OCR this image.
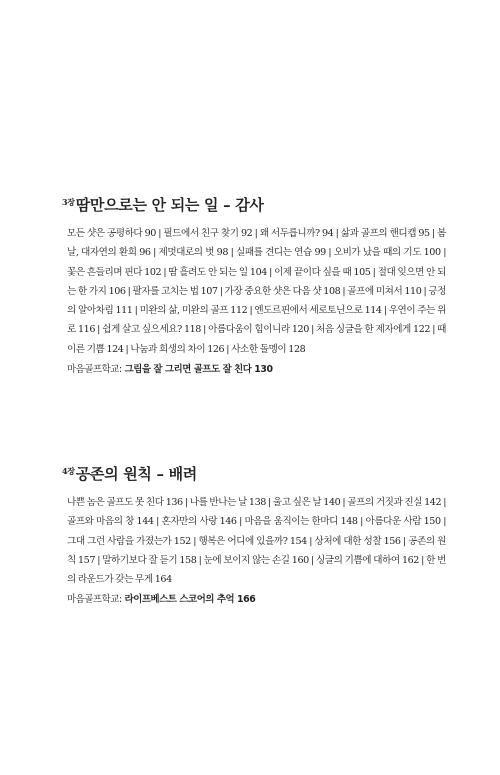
$^{3장}$땀만으로는 안 되는 일 – 감사

모든 샷은 공평하다 90 | 필드에서 친구 찾기 92 | 왜 서두릅니까? 94 | 삶과 골프의 핸디캡 95 | 봄날, 대자연의 환희 96 | 제멋대로의 벗 98 | 실패를 견디는 연습 99 | 오비가 났을 때의 기도 100 | 꽃은 흔들리며 핀다 102 | 땀 흘려도 안 되는 일 104 | 이제 끝이다 싶을 때 105 | 절대 잊으면 안 되는 한 가지 106 | 팔자를 고치는 법 107 | 가장 중요한 샷은 다음 샷 108 | 골프에 미쳐서 110 | 긍정의 알아차림 111 | 미완의 삶, 미완의 골프 112 | 엔도르핀에서 세로토닌으로 114 | 우연이 주는 위로 116 | 쉽게 살고 싶으세요? 118 | 아름다움이 힘이니라 120 | 처음 싱글을 한 제자에게 122 | 때 이른 기쁨 124 | 나눔과 희생의 차이 126 | 사소한 돌멩이 128

마음골프학교: 그림을 잘 그리면 골프도 잘 친다 130

$^{4장}$공존의 원칙 – 배려

나쁜 놈은 골프도 못 친다 136 | 나를 반나는 날 138 | 울고 싶은 날 140 | 골프의 거짓과 진실 142 | 골프와 마음의 창 144 | 혼자만의 사랑 146 | 마음을 움직이는 한마디 148 | 아름다운 사람 150 | 그대 그런 사람을 가졌는가 152 | 행복은 어디에 있을까? 154 | 상처에 대한 성찰 156 | 공존의 원칙 157 | 말하기보다 잘 듣기 158 | 눈에 보이지 않는 손길 160 | 싱글의 기쁨에 대하여 162 | 한 번의 라운드가 갖는 무게 164

마음골프학교: 라이프베스트 스코어의 추억 166
